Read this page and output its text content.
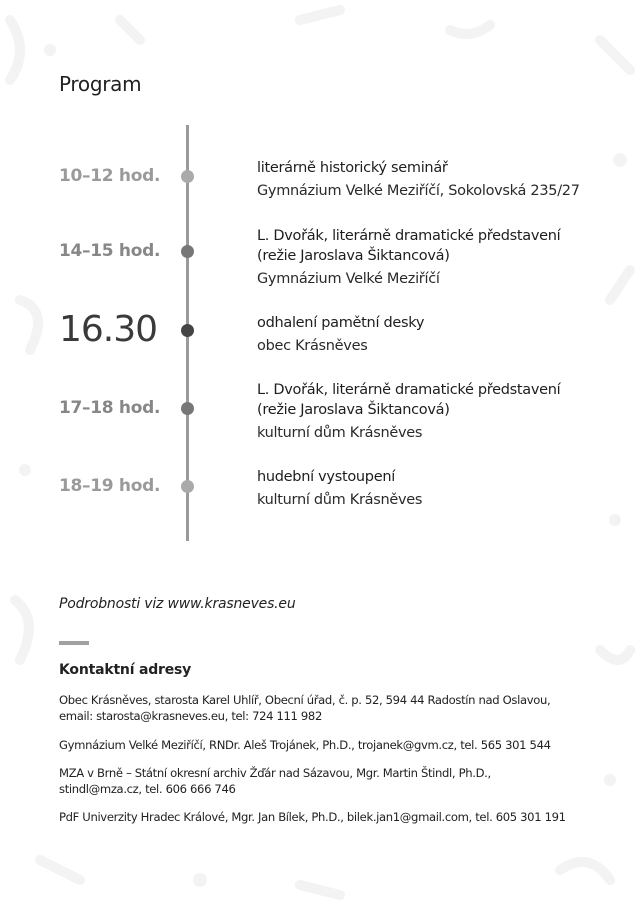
Program
10–12 hod.
14–15 hod.
16.30
17–18 hod.
18–19 hod.
literárně historický seminář
Gymnázium Velké Meziříčí, Sokolovská 235/27
L. Dvořák, literárně dramatické představení
(režie Jaroslava Šiktancová)
Gymnázium Velké Meziříčí
odhalení pamětní desky
obec Krásněves
L. Dvořák, literárně dramatické představení
(režie Jaroslava Šiktancová)
kulturní dům Krásněves
hudební vystoupení
kulturní dům Krásněves
Podrobnosti viz www.krasneves.eu
Kontaktní adresy
Obec Krásněves, starosta Karel Uhlíř, Obecní úřad, č. p. 52, 594 44 Radostín nad Oslavou,
email: starosta@krasneves.eu, tel: 724 111 982
Gymnázium Velké Meziříčí, RNDr. Aleš Trojánek, Ph.D., trojanek@gvm.cz, tel. 565 301 544
MZA v Brně – Státní okresní archiv Žďár nad Sázavou, Mgr. Martin Štindl, Ph.D.,
stindl@mza.cz, tel. 606 666 746
PdF Univerzity Hradec Králové, Mgr. Jan Bílek, Ph.D., bilek.jan1@gmail.com, tel. 605 301 191
